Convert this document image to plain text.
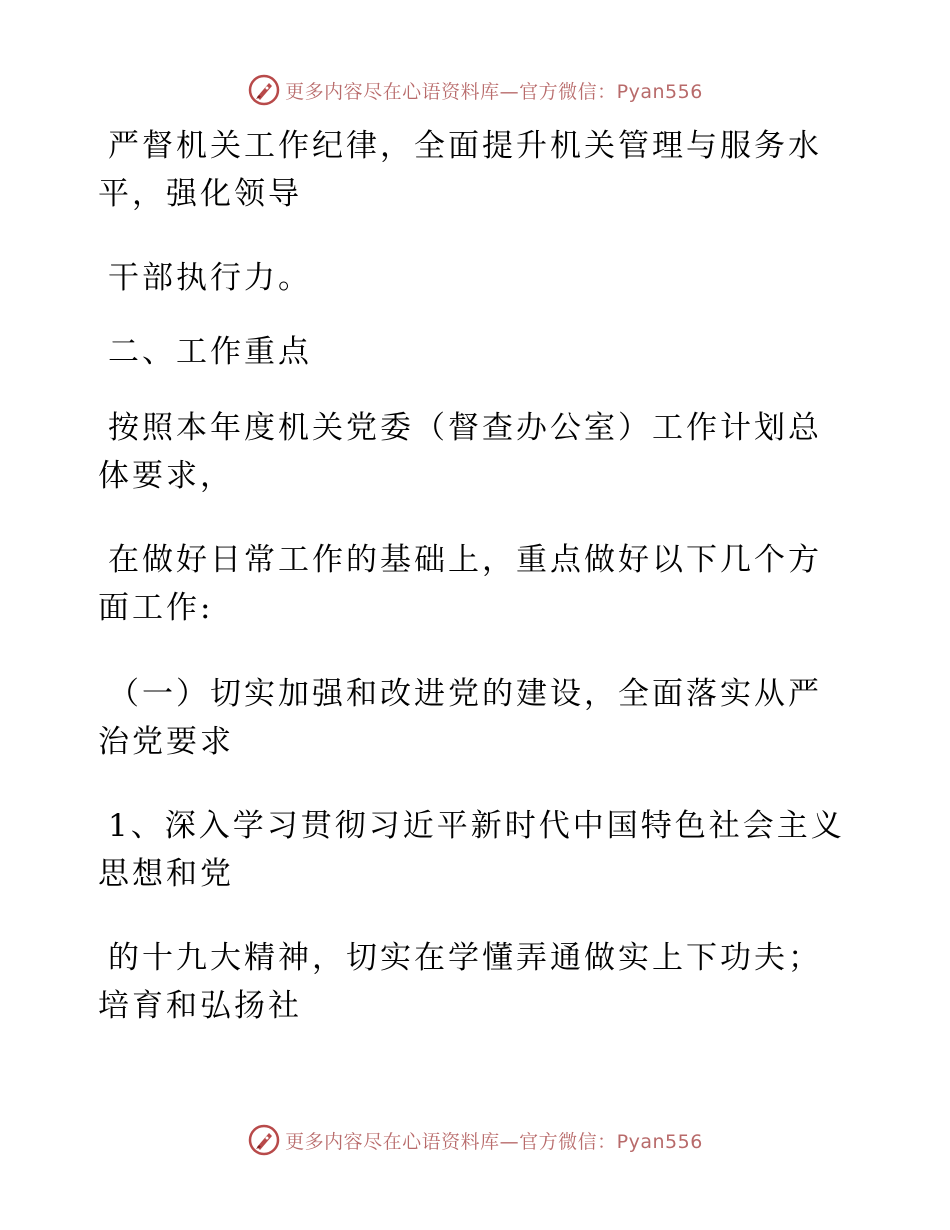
更多内容尽在心语资料库—官方微信：Pyan556

严督机关工作纪律，全面提升机关管理与服务水
平，强化领导

干部执行力。

二、工作重点

按照本年度机关党委（督查办公室）工作计划总
体要求，

在做好日常工作的基础上，重点做好以下几个方
面工作:

（一）切实加强和改进党的建设，全面落实从严
治党要求

1、深入学习贯彻习近平新时代中国特色社会主义
思想和党

的十九大精神，切实在学懂弄通做实上下功夫；
培育和弘扬社

更多内容尽在心语资料库—官方微信：Pyan556
